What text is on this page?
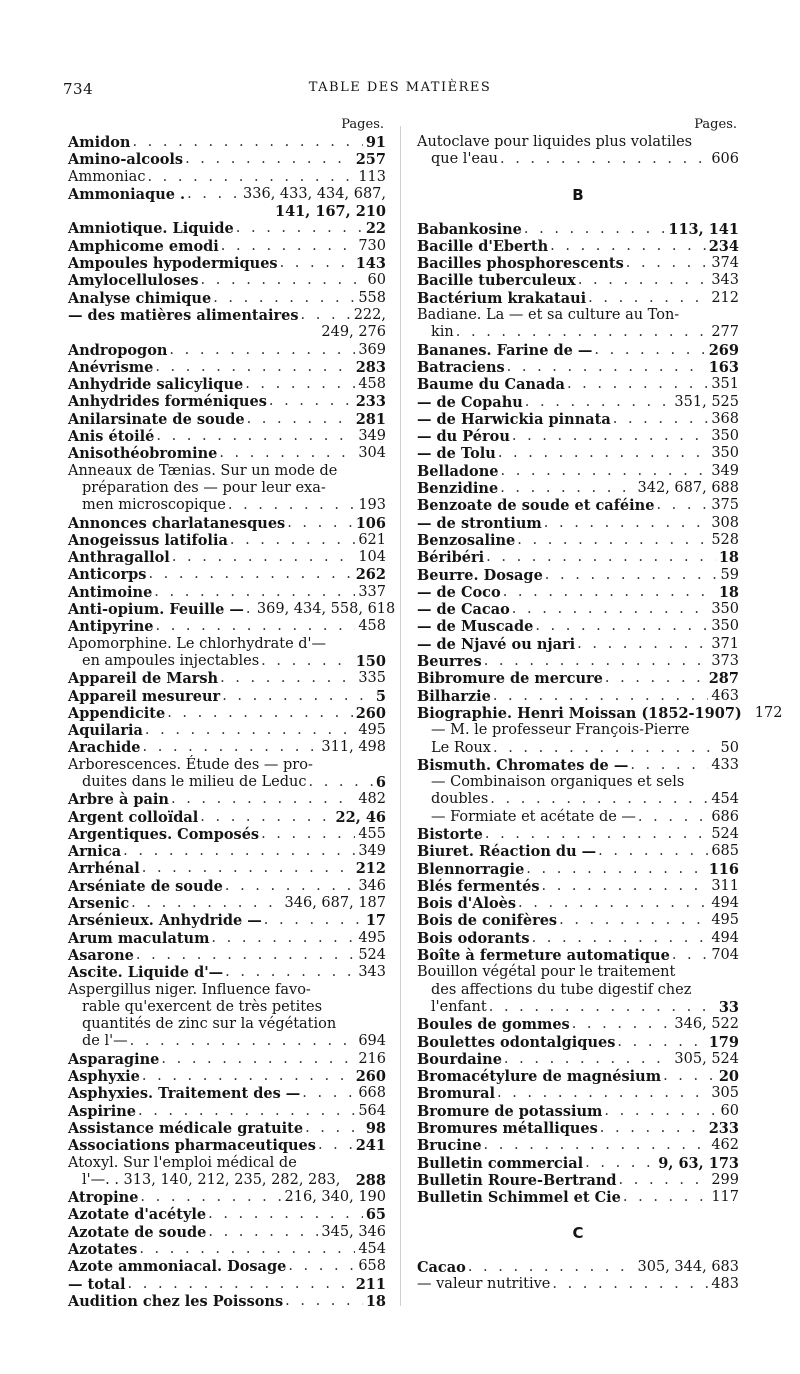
734	TABLE DES MATIÈRES
Pages.
Amidon . . .	91
Amino-alcools . . .	257
Ammoniac . . .	113
Ammoniaque . . . .	336, 433, 434, 687,
141, 167, 210
Amniotique. Liquide . . .	22
Amphicome emodi . . .	730
Ampoules hypodermiques . . .	143
Amylocelluloses . . .	60
Analyse chimique . . .	558
— des matières alimentaires . . .	222,
249, 276
Andropogon . . .	369
Anévrisme . . .	283
Anhydride salicylique . . .	458
Anhydrides forméniques . . .	233
Anilarsinate de soude . . .	281
Anis étoilé . . .	349
Anisothéobromine . . .	304
Anneaux de Tænias. Sur un mode de
préparation des — pour leur exa-
men microscopique . . .	193
Annonces charlatanesques . . .	106
Anogeissus latifolia . . .	621
Anthragallol . . .	104
Anticorps . . .	262
Antimoine . . .	337
Anti-opium. Feuille — . . . 369, 434, 558, 618
Antipyrine . . .	458
Apomorphine. Le chlorhydrate d'—
en ampoules injectables . . .	150
Appareil de Marsh . . .	335
Appareil mesureur . . .	5
Appendicite . . .	260
Aquilaria . . .	495
Arachide . . .	311, 498
Arborescences. Étude des — pro-
duites dans le milieu de Leduc . . .	6
Arbre à pain . . .	482
Argent colloïdal . . .	22, 46
Argentiques. Composés . . .	455
Arnica . . .	349
Arrhénal . . .	212
Arséniate de soude . . .	346
Arsenic . . .	346, 687, 187
Arsénieux. Anhydride — . . .	17
Arum maculatum . . .	495
Asarone . . .	524
Ascite. Liquide d'— . . .	343
Aspergillus niger. Influence favo-
rable qu'exercent de très petites
quantités de zinc sur la végétation
de l'— . . .	694
Asparagine . . .	216
Asphyxie . . .	260
Asphyxies. Traitement des — . . .	668
Aspirine . . .	564
Assistance médicale gratuite . . .	98
Associations pharmaceutiques . . .	241
Atoxyl. Sur l'emploi médical de
l'—. . 313, 140, 212, 235, 282, 283, 288
Atropine . . .	216, 340, 190
Azotate d'acétyle . . .	65
Azotate de soude . . .	345, 346
Azotates . . .	454
Azote ammoniacal. Dosage . . .	658
— total . . .	211
Audition chez les Poissons . . .	18
Pages.
Autoclave pour liquides plus volatiles
que l'eau . . .	606
B
Babankosine . . .	113, 141
Bacille d'Eberth . . .	234
Bacilles phosphorescents . . .	374
Bacille tuberculeux . . .	343
Bactérium krakataui . . .	212
Badiane. La — et sa culture au Ton-
kin . . .	277
Bananes. Farine de — . . .	269
Batraciens . . .	163
Baume du Canada . . .	351
— de Copahu . . .	351, 525
— de Harwickia pinnata . . .	368
— du Pérou . . .	350
— de Tolu . . .	350
Belladone . . .	349
Benzidine . . .	342, 687, 688
Benzoate de soude et caféine . . .	375
— de strontium . . .	308
Benzosaline . . .	528
Béribéri . . .	18
Beurre. Dosage . . .	59
— de Coco . . .	18
— de Cacao . . .	350
— de Muscade . . .	350
— de Njavé ou njari . . .	371
Beurres . . .	373
Bibromure de mercure . . .	287
Bilharzie . . .	463
Biographie. Henri Moissan (1852-1907) 172
— M. le professeur François-Pierre
Le Roux . . .	50
Bismuth. Chromates de — . . .	433
— Combinaison organiques et sels
doubles . . .	454
— Formiate et acétate de — . . .	686
Bistorte . . .	524
Biuret. Réaction du — . . .	685
Blennorragie . . .	116
Blés fermentés . . .	311
Bois d'Aloès . . .	494
Bois de conifères . . .	495
Bois odorants . . .	494
Boîte à fermeture automatique . . .	704
Bouillon végétal pour le traitement
des affections du tube digestif chez
l'enfant . . .	33
Boules de gommes . . .	346, 522
Boulettes odontalgiques . . .	179
Bourdaine . . .	305, 524
Bromacétylure de magnésium . . .	20
Bromural . . .	305
Bromure de potassium . . .	60
Bromures métalliques . . .	233
Brucine . . .	462
Bulletin commercial . . .	9, 63, 173
Bulletin Roure-Bertrand . . .	299
Bulletin Schimmel et Cie . . .	117
C
Cacao . . .	305, 344, 683
— valeur nutritive . . .	483
